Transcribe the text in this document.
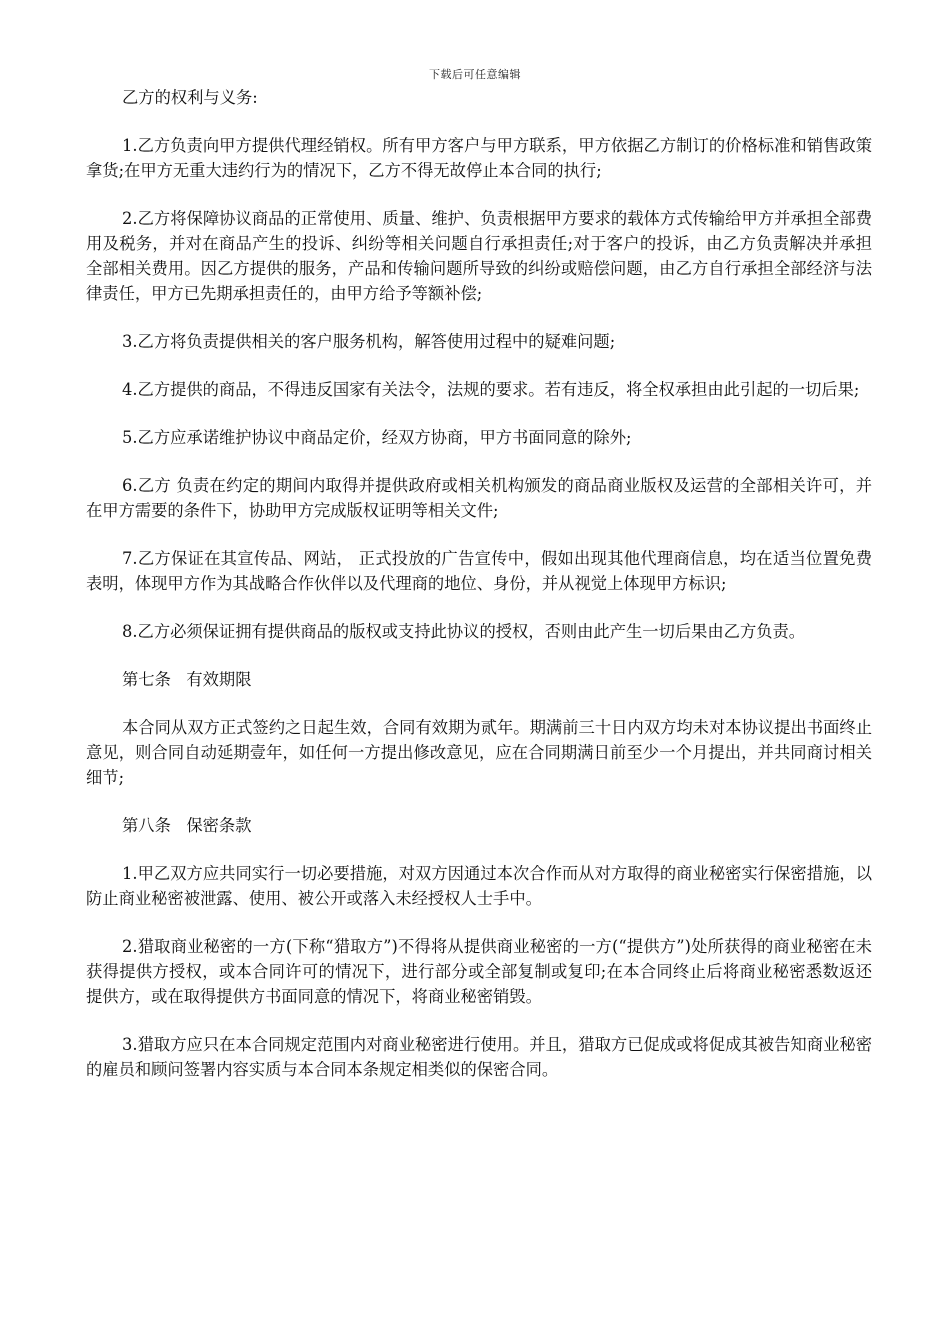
下载后可任意编辑

乙方的权利与义务:

1.乙方负责向甲方提供代理经销权。所有甲方客户与甲方联系，甲方依据乙方制订的价格标准和销售政策拿货;在甲方无重大违约行为的情况下，乙方不得无故停止本合同的执行;

2.乙方将保障协议商品的正常使用、质量、维护、负责根据甲方要求的载体方式传输给甲方并承担全部费用及税务，并对在商品产生的投诉、纠纷等相关问题自行承担责任;对于客户的投诉，由乙方负责解决并承担全部相关费用。因乙方提供的服务，产品和传输问题所导致的纠纷或赔偿问题，由乙方自行承担全部经济与法律责任，甲方已先期承担责任的，由甲方给予等额补偿;

3.乙方将负责提供相关的客户服务机构，解答使用过程中的疑难问题;

4.乙方提供的商品，不得违反国家有关法令，法规的要求。若有违反，将全权承担由此引起的一切后果;

5.乙方应承诺维护协议中商品定价，经双方协商，甲方书面同意的除外;

6.乙方 负责在约定的期间内取得并提供政府或相关机构颁发的商品商业版权及运营的全部相关许可，并在甲方需要的条件下，协助甲方完成版权证明等相关文件;

7.乙方保证在其宣传品、网站， 正式投放的广告宣传中，假如出现其他代理商信息，均在适当位置免费表明，体现甲方作为其战略合作伙伴以及代理商的地位、身份，并从视觉上体现甲方标识;

8.乙方必须保证拥有提供商品的版权或支持此协议的授权，否则由此产生一切后果由乙方负责。

第七条   有效期限

本合同从双方正式签约之日起生效，合同有效期为贰年。期满前三十日内双方均未对本协议提出书面终止意见，则合同自动延期壹年，如任何一方提出修改意见，应在合同期满日前至少一个月提出，并共同商讨相关细节;

第八条   保密条款

1.甲乙双方应共同实行一切必要措施，对双方因通过本次合作而从对方取得的商业秘密实行保密措施，以防止商业秘密被泄露、使用、被公开或落入未经授权人士手中。

2.猎取商业秘密的一方(下称“猎取方”)不得将从提供商业秘密的一方(“提供方”)处所获得的商业秘密在未获得提供方授权，或本合同许可的情况下，进行部分或全部复制或复印;在本合同终止后将商业秘密悉数返还提供方，或在取得提供方书面同意的情况下，将商业秘密销毁。

3.猎取方应只在本合同规定范围内对商业秘密进行使用。并且，猎取方已促成或将促成其被告知商业秘密的雇员和顾问签署内容实质与本合同本条规定相类似的保密合同。
